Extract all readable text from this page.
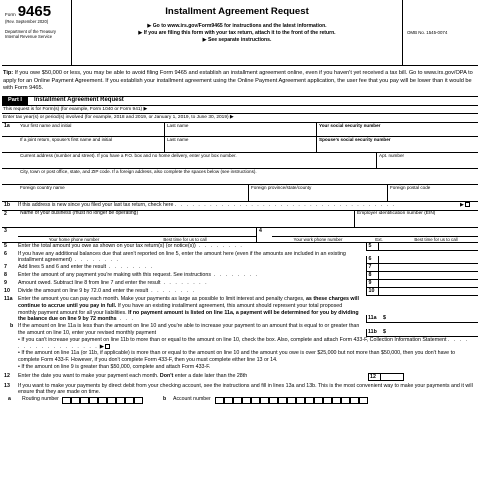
Form 9465
(Rev. September 2020)
Department of the Treasury
Internal Revenue Service
Installment Agreement Request
▶ Go to www.irs.gov/Form9465 for instructions and the latest information.
▶ If you are filing this form with your tax return, attach it to the front of the return.
▶ See separate instructions.
OMB No. 1545-0074
Tip: If you owe $50,000 or less, you may be able to avoid filing Form 9465 and establish an installment agreement online, even if you haven't yet received a tax bill. Go to www.irs.gov/OPA to apply for an Online Payment Agreement. If you establish your installment agreement using the Online Payment Agreement application, the user fee that you pay will be lower than it would be with Form 9465.
Part I	Installment Agreement Request
This request is for Form(s) (for example, Form 1040 or Form 941) ▶
Enter tax year(s) or period(s) involved (for example, 2018 and 2019, or January 1, 2019, to June 30, 2019) ▶
1a	Your first name and initial	Last name	Your social security number
If a joint return, spouse's first name and initial	Last name	Spouse's social security number
Current address (number and street). If you have a P.O. box and no home delivery, enter your box number.	Apt. number
City, town or post office, state, and ZIP code. If a foreign address, also complete the spaces below (see instructions).
Foreign country name	Foreign province/state/county	Foreign postal code
1b	If this address is new since you filed your last tax return, check here . . . . . . . . . . . . . . . . . . . . . . . . . . . . . . . . . . . . . .	▶
2	Name of your business (must no longer be operating)	Employer identification number (EIN)
3
Your home phone number	Best time for us to call
4
Your work phone number	Ext.	Best time for us to call
5	Enter the total amount you owe as shown on your tax return(s) (or notice(s)) . . . . . . . .	5
6	If you have any additional balances due that aren't reported on line 5, enter the amount here (even if the amounts are included in an existing installment agreement) . . . . . . . .	6
7	Add lines 5 and 6 and enter the result . . . . . . . .	7
8	Enter the amount of any payment you're making with this request. See instructions . . . . . . . .	8
9	Amount owed. Subtract line 8 from line 7 and enter the result . . . . . . . .	9
10	Divide the amount on line 9 by 72.0 and enter the result . . . . . . . .	10
11a	Enter the amount you can pay each month. Make your payments as large as possible to limit interest and penalty charges, as these charges will continue to accrue until you pay in full. If you have an existing installment agreement, this amount should represent your total proposed monthly payment amount for all your liabilities. If no payment amount is listed on line 11a, a payment will be determined for you by dividing the balance due on line 9 by 72 months . . .	11a	$
b If the amount on line 11a is less than the amount on line 10 and you're able to increase your payment to an amount that is equal to or greater than the amount on line 10, enter your revised monthly payment	11b	$
• If you can't increase your payment on line 11b to more than or equal to the amount on line 10, check the box. Also, complete and attach Form 433-F, Collection Information Statement . . . . . . . . . . . . . . . . . . ▶
• If the amount on line 11a (or 11b, if applicable) is more than or equal to the amount on line 10 and the amount you owe is over $25,000 but not more than $50,000, then you don't have to complete Form 433-F. However, if you don't complete Form 433-F, then you must complete either line 13 or 14.
• If the amount on line 9 is greater than $50,000, complete and attach Form 433-F.
12	Enter the date you want to make your payment each month. Don't enter a date later than the 28th	12
13	If you want to make your payments by direct debit from your checking account, see the instructions and fill in lines 13a and 13b. This is the most convenient way to make your payments and it will ensure that they are made on time.
a	Routing number	b	Account number
